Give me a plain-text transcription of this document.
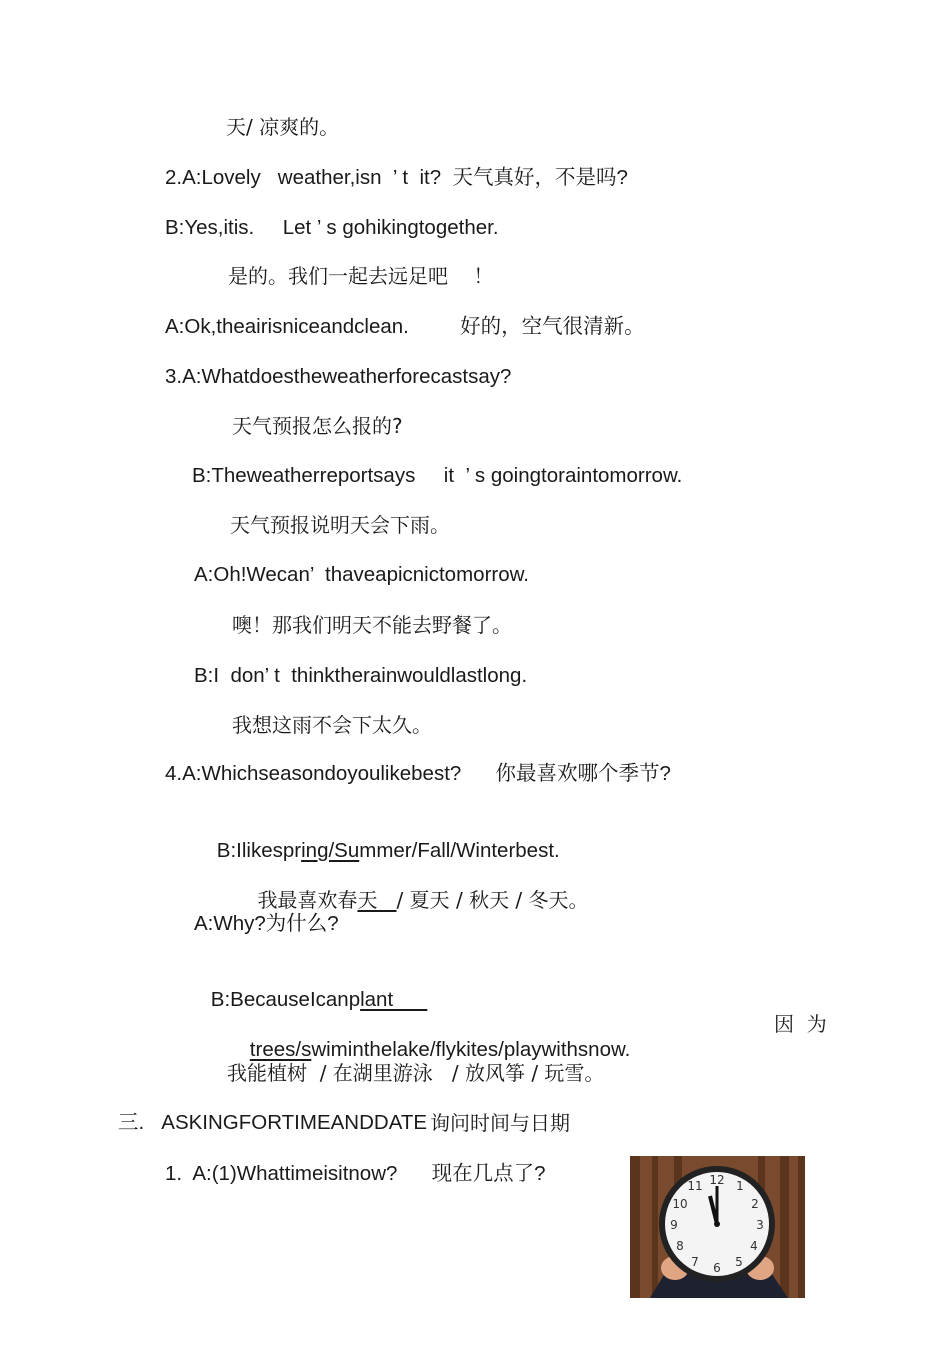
天/ 凉爽的。
2.A:Lovely   weather,isn  ’ t  it?  天气真好，不是吗?
B:Yes,itis.     Let ’ s gohikingtogether.
是的。我们一起去远足吧    ！
A:Ok,theairisniceandclean.         好的，空气很清新。
3.A:Whatdoestheweatherforecastsay?
天气预报怎么报的?
B:Theweatherreportsays     it  ’ s goingtoraintomorrow.
天气预报说明天会下雨。
A:Oh!Wecan’  thaveapicnictomorrow.
噢！那我们明天不能去野餐了。
B:I  don’ t  thinktherainwouldlastlong.
我想这雨不会下太久。
4.A:Whichseasondoyoulikebest?      你最喜欢哪个季节?

B:Ilikespring/Summer/Fall/Winterbest.

我最喜欢春天   / 夏天 / 秋天 / 冬天。

A:Why?为什么?

B:BecauseIcanplant

trees/swiminthelake/flykites/playwithsnow.

因  为
我能植树  / 在湖里游泳   / 放风筝 / 玩雪。
三.   ASKINGFORTIMEANDDATE 询问时间与日期
1.  A:(1)Whattimeisitnow?      现在几点了?	12 1
2
3
4
5
6
7
8
9
10
11
